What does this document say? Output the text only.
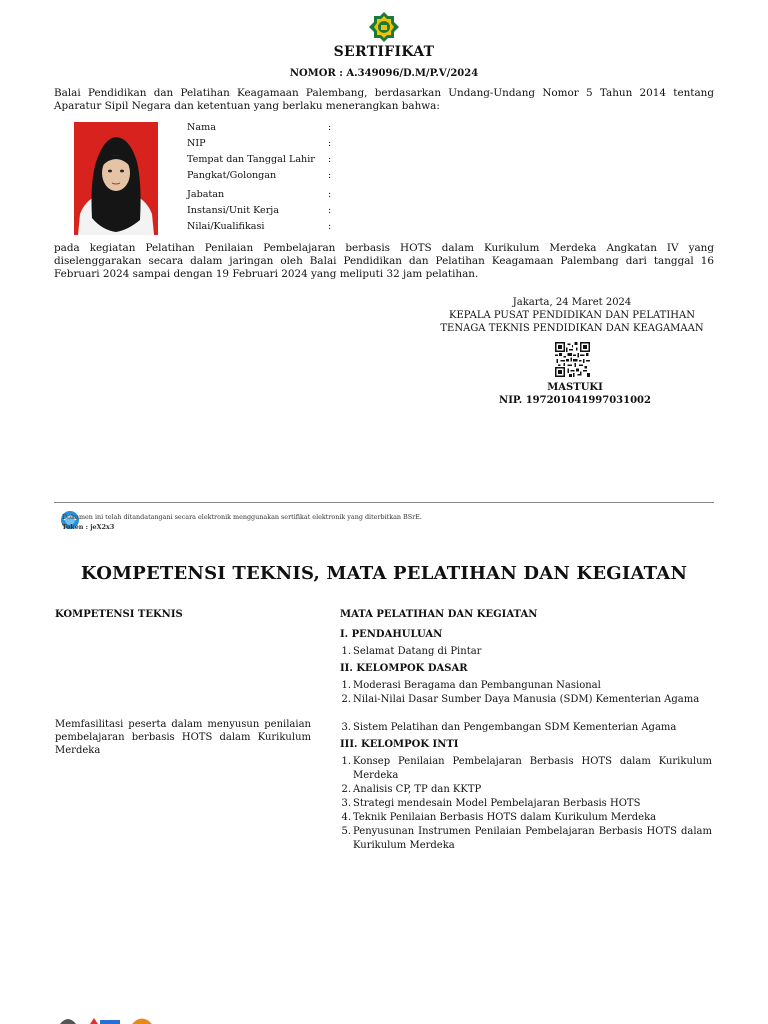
SERTIFIKAT
NOMOR : A.349096/D.M/P.V/2024
Balai Pendidikan dan Pelatihan Keagamaan Palembang, berdasarkan Undang-Undang Nomor 5 Tahun 2014 tentang Aparatur Sipil Negara dan ketentuan yang berlaku menerangkan bahwa:
Nama	:
NIP	:
Tempat dan Tanggal Lahir :
Pangkat/Golongan	:
Jabatan	:
Instansi/Unit Kerja	:
Nilai/Kualifikasi	:
pada kegiatan Pelatihan Penilaian Pembelajaran berbasis HOTS dalam Kurikulum Merdeka Angkatan IV yang diselenggarakan secara dalam jaringan oleh Balai Pendidikan dan Pelatihan Keagamaan Palembang dari tanggal 16 Februari 2024 sampai dengan 19 Februari 2024 yang meliputi 32 jam pelatihan.
Jakarta, 24 Maret 2024
KEPALA PUSAT PENDIDIKAN DAN PELATIHAN
TENAGA TEKNIS PENDIDIKAN DAN KEAGAMAAN
MASTUKI
NIP. 197201041997031002
Dokumen ini telah ditandatangani secara elektronik menggunakan sertifikat elektronik yang diterbitkan BSrE.
Token : jeX2x3
KOMPETENSI TEKNIS, MATA PELATIHAN DAN KEGIATAN
KOMPETENSI TEKNIS	MATA PELATIHAN DAN KEGIATAN
Memfasilitasi peserta dalam menyusun penilaian pembelajaran berbasis HOTS dalam Kurikulum Merdeka
I. PENDAHULUAN
1. Selamat Datang di Pintar
II. KELOMPOK DASAR
1. Moderasi Beragama dan Pembangunan Nasional
2. Nilai-Nilai Dasar Sumber Daya Manusia (SDM) Kementerian Agama
3. Sistem Pelatihan dan Pengembangan SDM Kementerian Agama
III. KELOMPOK INTI
1. Konsep Penilaian Pembelajaran Berbasis HOTS dalam Kurikulum Merdeka
2. Analisis CP, TP dan KKTP
3. Strategi mendesain Model Pembelajaran Berbasis HOTS
4. Teknik Penilaian Berbasis HOTS dalam Kurikulum Merdeka
5. Penyusunan Instrumen Penilaian Pembelajaran Berbasis HOTS dalam Kurikulum Merdeka
